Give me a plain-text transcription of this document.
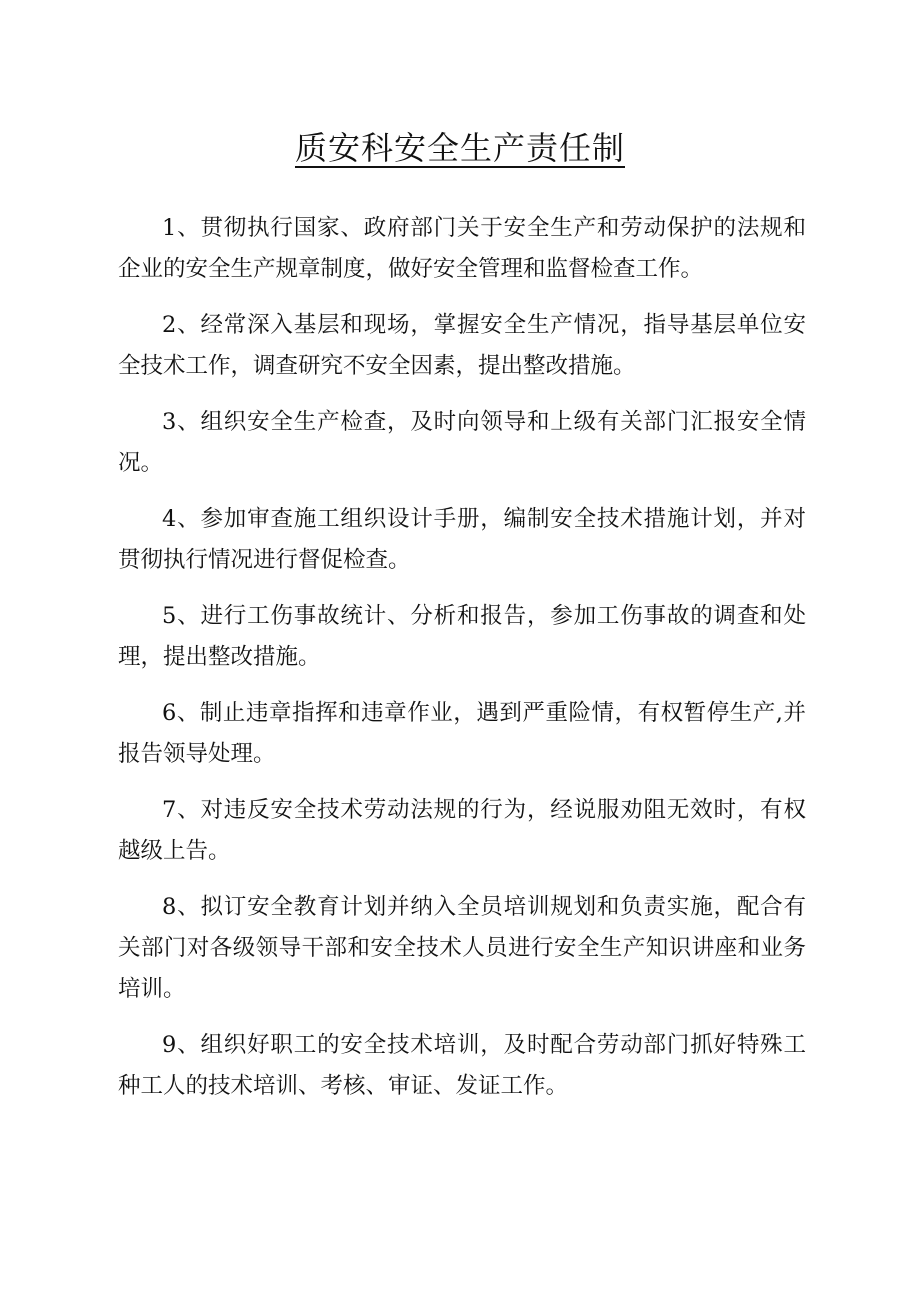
质安科安全生产责任制

1、贯彻执行国家、政府部门关于安全生产和劳动保护的法规和企业的安全生产规章制度，做好安全管理和监督检查工作。

2、经常深入基层和现场，掌握安全生产情况，指导基层单位安全技术工作，调查研究不安全因素，提出整改措施。

3、组织安全生产检查，及时向领导和上级有关部门汇报安全情况。

4、参加审查施工组织设计手册，编制安全技术措施计划，并对贯彻执行情况进行督促检查。

5、进行工伤事故统计、分析和报告，参加工伤事故的调查和处理，提出整改措施。

6、制止违章指挥和违章作业，遇到严重险情，有权暂停生产,并报告领导处理。

7、对违反安全技术劳动法规的行为，经说服劝阻无效时，有权越级上告。

8、拟订安全教育计划并纳入全员培训规划和负责实施，配合有关部门对各级领导干部和安全技术人员进行安全生产知识讲座和业务培训。

9、组织好职工的安全技术培训，及时配合劳动部门抓好特殊工种工人的技术培训、考核、审证、发证工作。
